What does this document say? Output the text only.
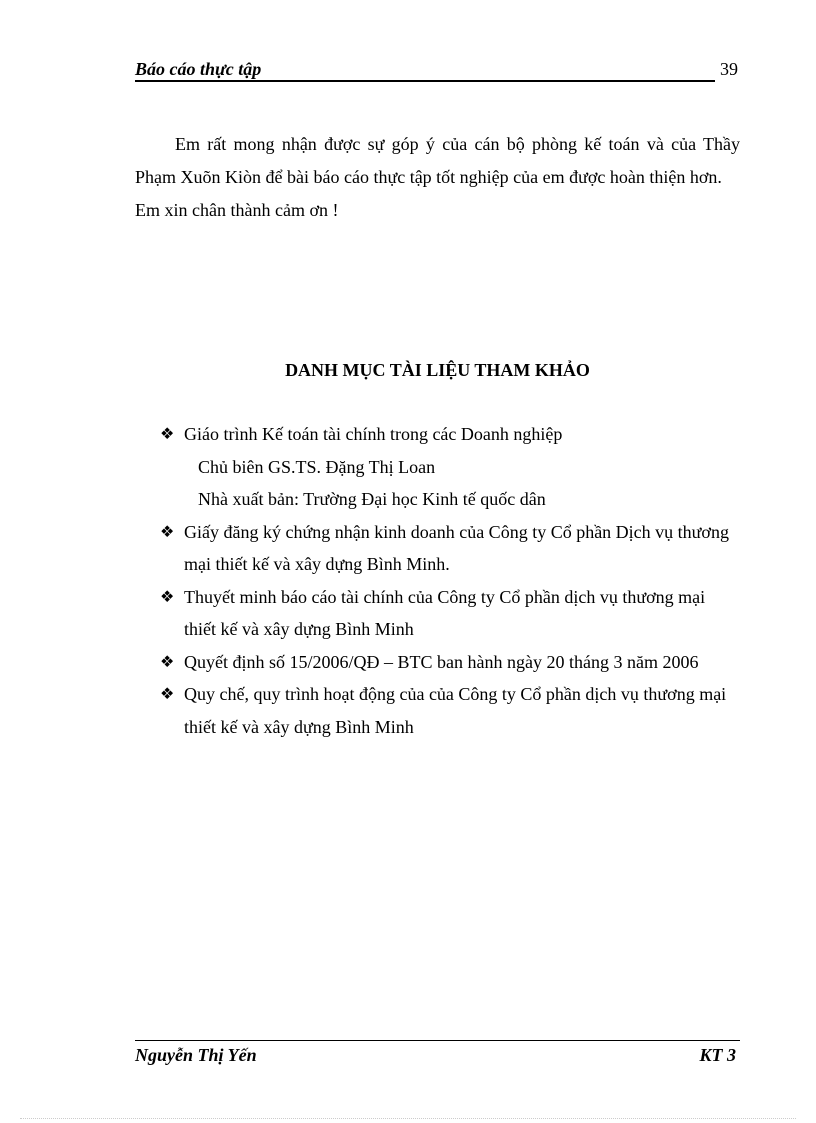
Báo cáo thực tập	39

Em rất mong nhận được sự góp ý của cán bộ phòng kế toán và của Thầy Phạm Xuõn Kiòn để bài báo cáo thực tập tốt nghiệp của em được hoàn thiện hơn.

Em xin chân thành cảm ơn !

DANH MỤC TÀI LIỆU THAM KHẢO
❖ Giáo trình Kế toán tài chính trong các Doanh nghiệp
Chủ biên GS.TS. Đặng Thị Loan
Nhà xuất bản: Trường Đại học Kinh tế quốc dân
❖ Giấy đăng ký chứng nhận kinh doanh của Công ty Cổ phần Dịch vụ thương mại thiết kế và xây dựng Bình Minh.
❖ Thuyết minh báo cáo tài chính của Công ty Cổ phần dịch vụ thương mại thiết kế và xây dựng Bình Minh
❖ Quyết định số 15/2006/QĐ – BTC ban hành ngày 20 tháng 3 năm 2006
❖ Quy chế, quy trình hoạt động của của Công ty Cổ phần dịch vụ thương mại thiết kế và xây dựng Bình Minh
Nguyễn Thị Yến	KT 3
